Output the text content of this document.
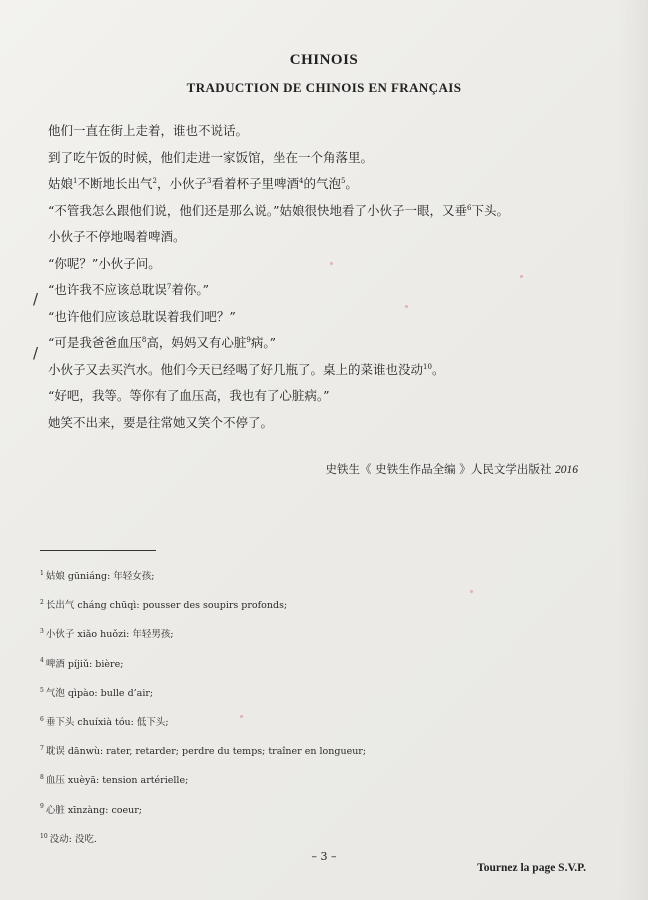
CHINOIS
TRADUCTION DE CHINOIS EN FRANÇAIS
他们一直在街上走着，谁也不说话。
到了吃午饭的时候，他们走进一家饭馆，坐在一个角落里。
姑娘$^1$不断地长出气$^2$，小伙子$^3$看着杯子里啤酒$^4$的气泡$^5$。
“不管我怎么跟他们说，他们还是那么说。”姑娘很快地看了小伙子一眼，又垂$^6$下头。
小伙子不停地喝着啤酒。
“你呢？”小伙子问。
“也许我不应该总耽误$^7$着你。”
“也许他们应该总耽误着我们吧？”
“可是我爸爸血压$^8$高，妈妈又有心脏$^9$病。”
小伙子又去买汽水。他们今天已经喝了好几瓶了。桌上的菜谁也没动$^{10}$。
“好吧，我等。等你有了血压高，我也有了心脏病。”
她笑不出来，要是往常她又笑个不停了。
/
/
史铁生《 史铁生作品全编 》人民文学出版社 2016
$^1$ 姑娘 gūniáng: 年轻女孩;
$^2$ 长出气 cháng chūqì: pousser des soupirs profonds;
$^3$ 小伙子 xiǎo huǒzi: 年轻男孩;
$^4$ 啤酒 píjiǔ: bière;
$^5$ 气泡 qìpào: bulle d’air;
$^6$ 垂下头 chuíxià tóu: 低下头;
$^7$ 耽误 dānwù: rater, retarder; perdre du temps; traîner en longueur;
$^8$ 血压 xuèyā: tension artérielle;
$^9$ 心脏 xīnzàng: coeur;
$^{10}$ 没动: 没吃.
– 3 –
Tournez la page S.V.P.
